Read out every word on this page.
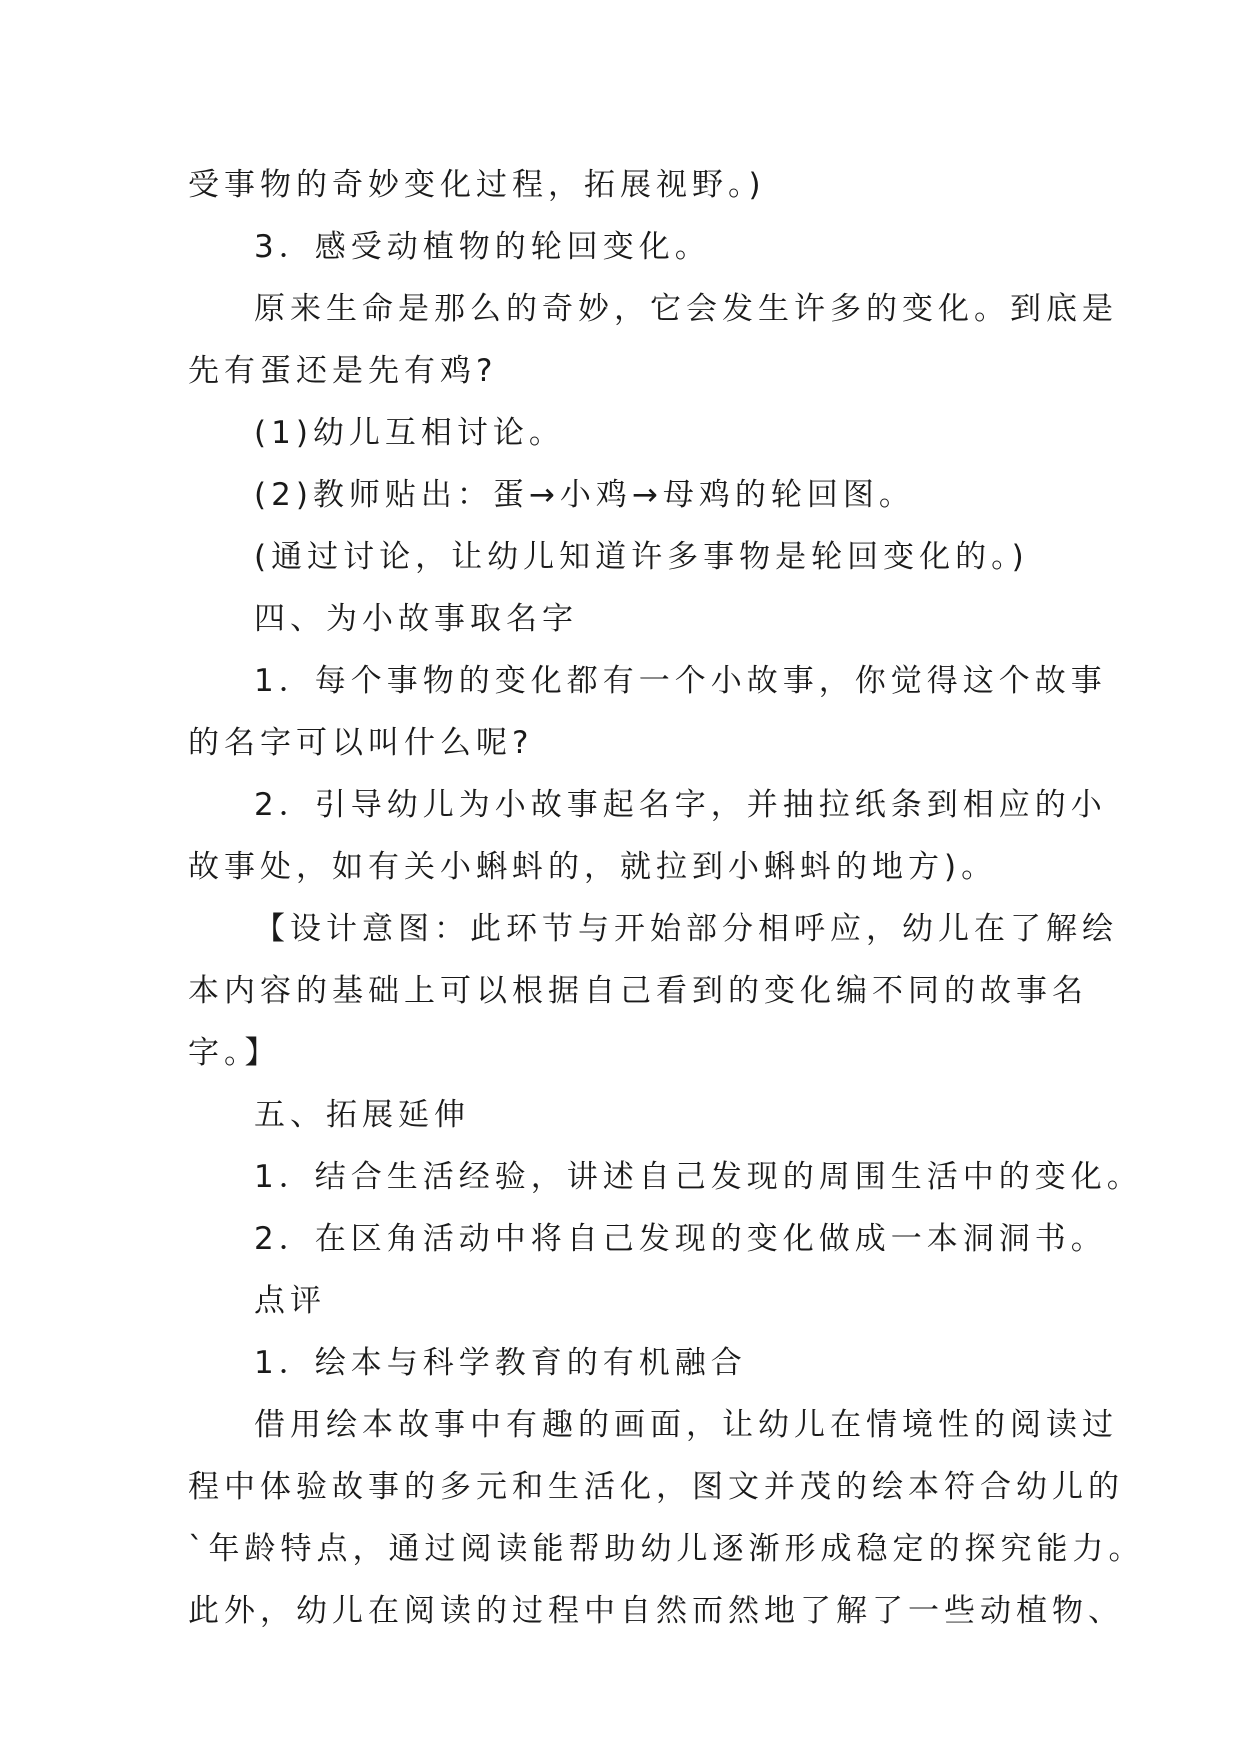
受事物的奇妙变化过程，拓展视野。)
3．感受动植物的轮回变化。
原来生命是那么的奇妙，它会发生许多的变化。到底是
先有蛋还是先有鸡?
(1)幼儿互相讨论。
(2)教师贴出：蛋→小鸡→母鸡的轮回图。
(通过讨论，让幼儿知道许多事物是轮回变化的。)
四、为小故事取名字
1．每个事物的变化都有一个小故事，你觉得这个故事
的名字可以叫什么呢?
2．引导幼儿为小故事起名字，并抽拉纸条到相应的小
故事处，如有关小蝌蚪的，就拉到小蝌蚪的地方)。
【设计意图：此环节与开始部分相呼应，幼儿在了解绘
本内容的基础上可以根据自己看到的变化编不同的故事名
字。】
五、拓展延伸
1．结合生活经验，讲述自己发现的周围生活中的变化。
2．在区角活动中将自己发现的变化做成一本洞洞书。
点评
1．绘本与科学教育的有机融合
借用绘本故事中有趣的画面，让幼儿在情境性的阅读过
程中体验故事的多元和生活化，图文并茂的绘本符合幼儿的
`年龄特点，通过阅读能帮助幼儿逐渐形成稳定的探究能力。
此外，幼儿在阅读的过程中自然而然地了解了一些动植物、
